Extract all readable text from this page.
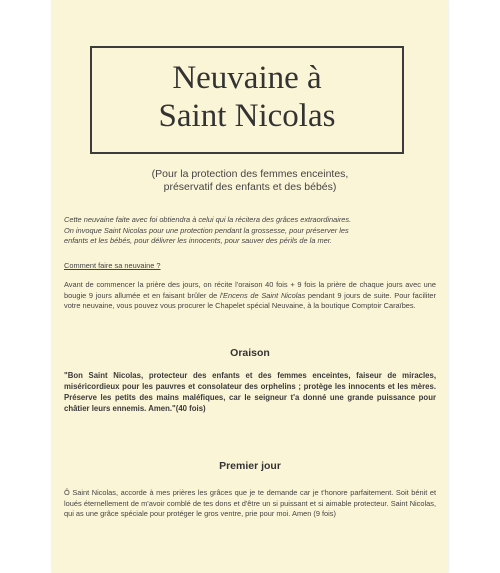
Neuvaine à
Saint Nicolas
(Pour la protection des femmes enceintes,
préservatif des enfants et des bébés)
Cette neuvaine faite avec foi obtiendra à celui qui la récitera des grâces extraordinaires.
On invoque Saint Nicolas pour une protection pendant la grossesse, pour préserver les
enfants et les bébés, pour délivrer les innocents, pour sauver des périls de la mer.
Comment faire sa neuvaine ?
Avant de commencer la prière des jours, on récite l'oraison 40 fois + 9 fois la prière de chaque jours avec une bougie 9 jours allumée et en faisant brûler de l'Encens de Saint Nicolas pendant 9 jours de suite. Pour faciliter votre neuvaine, vous pouvez vous procurer le Chapelet spécial Neuvaine, à la boutique Comptoir Caraïbes.
Oraison
"Bon Saint Nicolas, protecteur des enfants et des femmes enceintes, faiseur de miracles, miséricordieux pour les pauvres et consolateur des orphelins ; protège les innocents et les mères. Préserve les petits des mains maléfiques, car le seigneur t'a donné une grande puissance pour châtier leurs ennemis. Amen."(40 fois)
Premier jour
Ô Saint Nicolas, accorde à mes prières les grâces que je te demande car je t'honore parfaitement. Soit bénit et loués éternellement de m'avoir comblé de tes dons et d'être un si puissant et si aimable protecteur. Saint Nicolas, qui as une grâce spéciale pour protéger le gros ventre, prie pour moi. Amen (9 fois)
